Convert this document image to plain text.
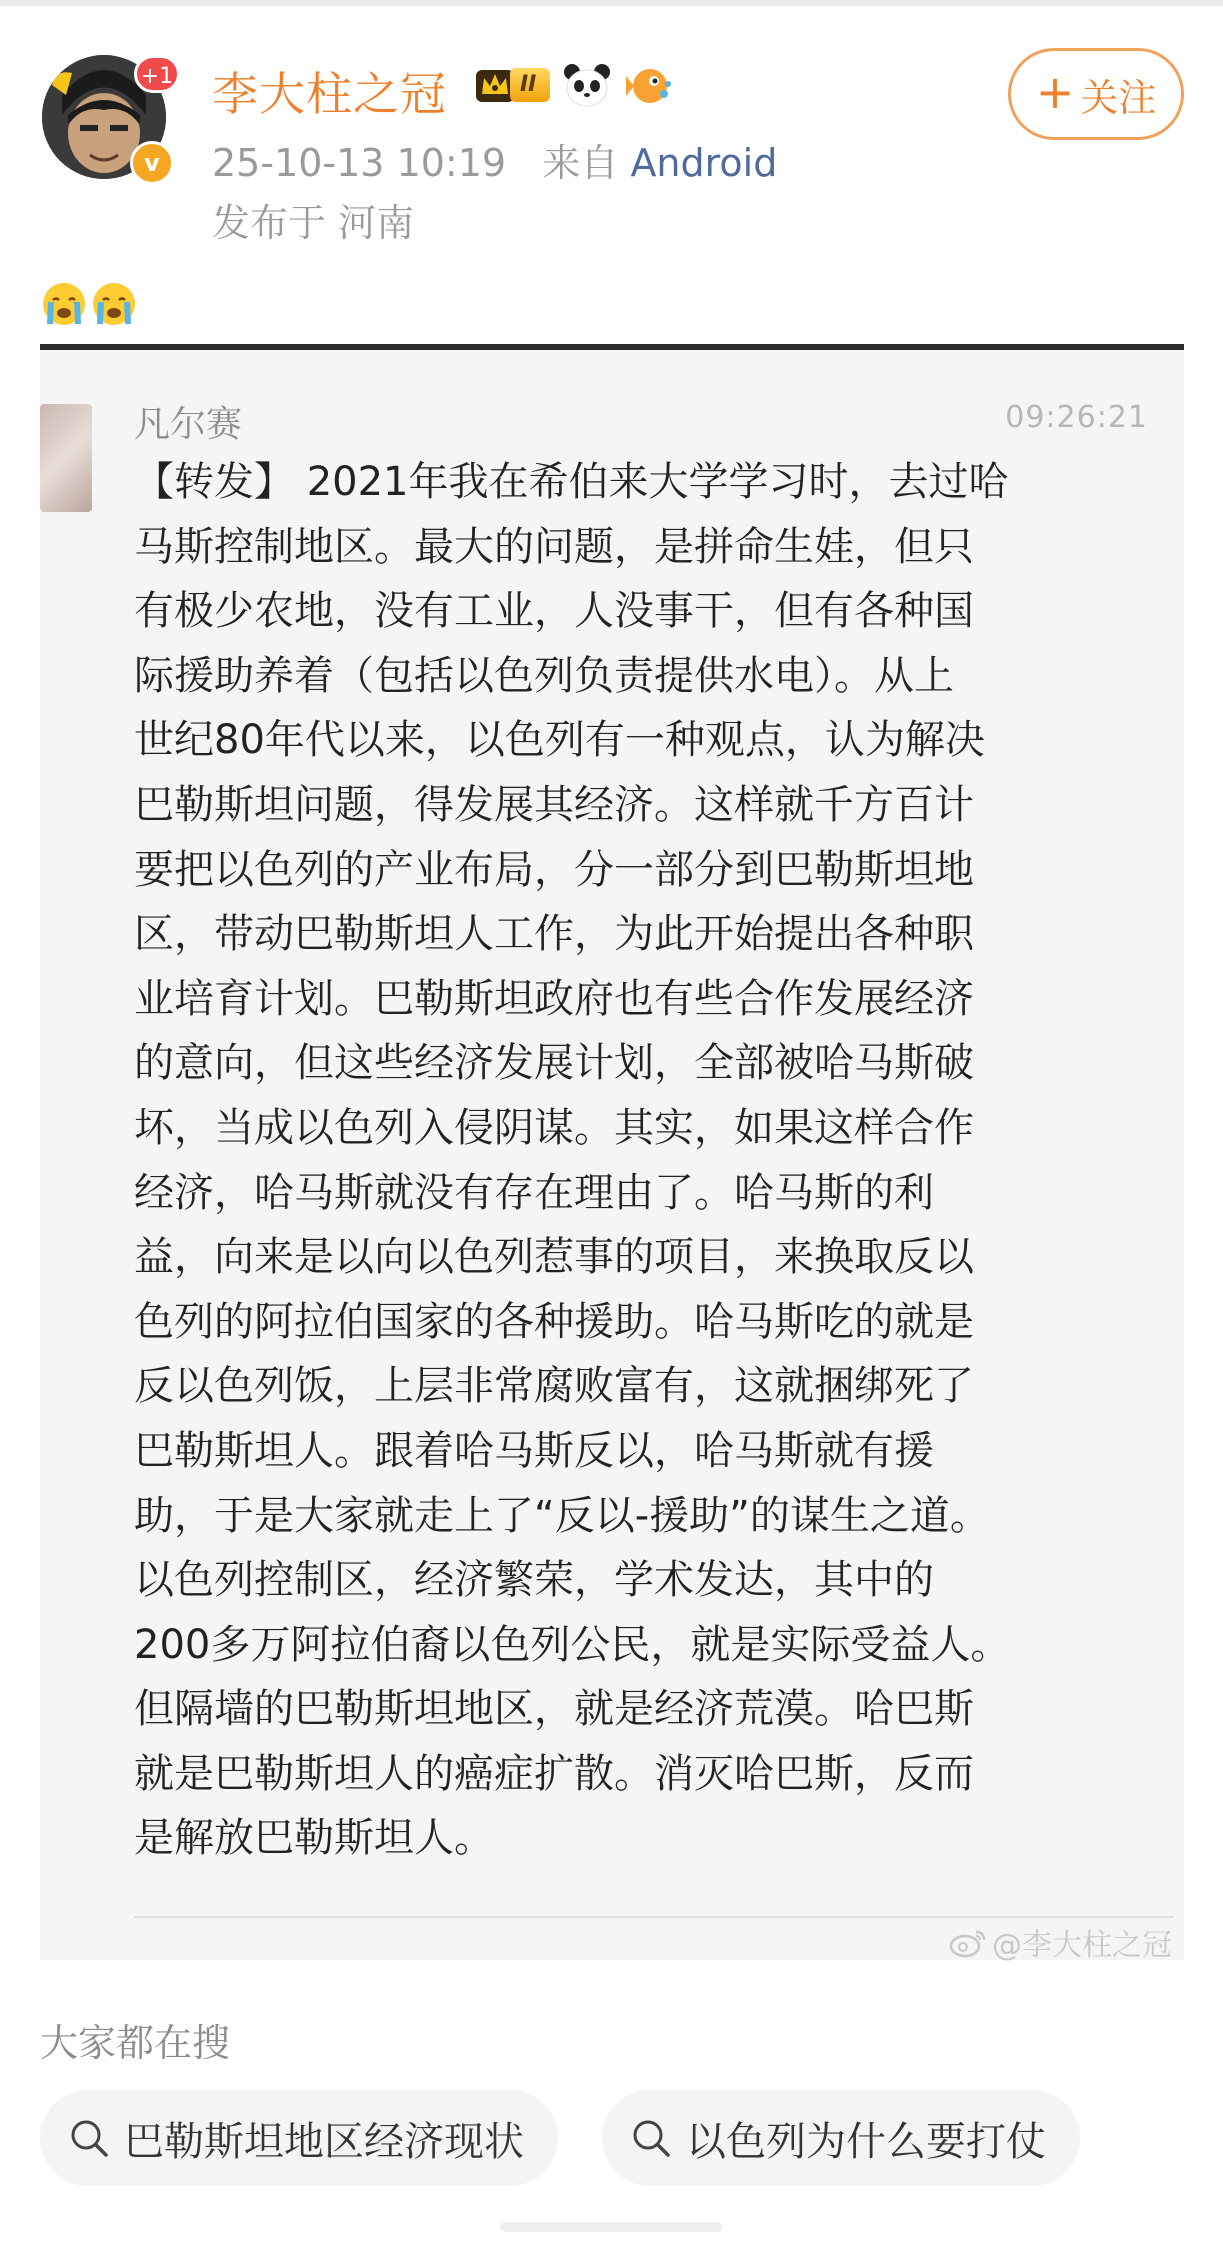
+1
v
李大柱之冠	II
25-10-13 10:19 来自 Android
发布于 河南
+ 关注
凡尔赛	09:26:21
【转发】 2021年我在希伯来大学学习时，去过哈
马斯控制地区。最大的问题，是拼命生娃，但只
有极少农地，没有工业，人没事干，但有各种国
际援助养着（包括以色列负责提供水电）。从上
世纪80年代以来，以色列有一种观点，认为解决
巴勒斯坦问题，得发展其经济。这样就千方百计
要把以色列的产业布局，分一部分到巴勒斯坦地
区，带动巴勒斯坦人工作，为此开始提出各种职
业培育计划。巴勒斯坦政府也有些合作发展经济
的意向，但这些经济发展计划，全部被哈马斯破
坏，当成以色列入侵阴谋。其实，如果这样合作
经济，哈马斯就没有存在理由了。哈马斯的利
益，向来是以向以色列惹事的项目，来换取反以
色列的阿拉伯国家的各种援助。哈马斯吃的就是
反以色列饭，上层非常腐败富有，这就捆绑死了
巴勒斯坦人。跟着哈马斯反以，哈马斯就有援
助，于是大家就走上了“反以-援助”的谋生之道。
以色列控制区，经济繁荣，学术发达，其中的
200多万阿拉伯裔以色列公民，就是实际受益人。
但隔墙的巴勒斯坦地区，就是经济荒漠。哈巴斯
就是巴勒斯坦人的癌症扩散。消灭哈巴斯，反而
是解放巴勒斯坦人。
@李大柱之冠
大家都在搜
巴勒斯坦地区经济现状	以色列为什么要打仗
